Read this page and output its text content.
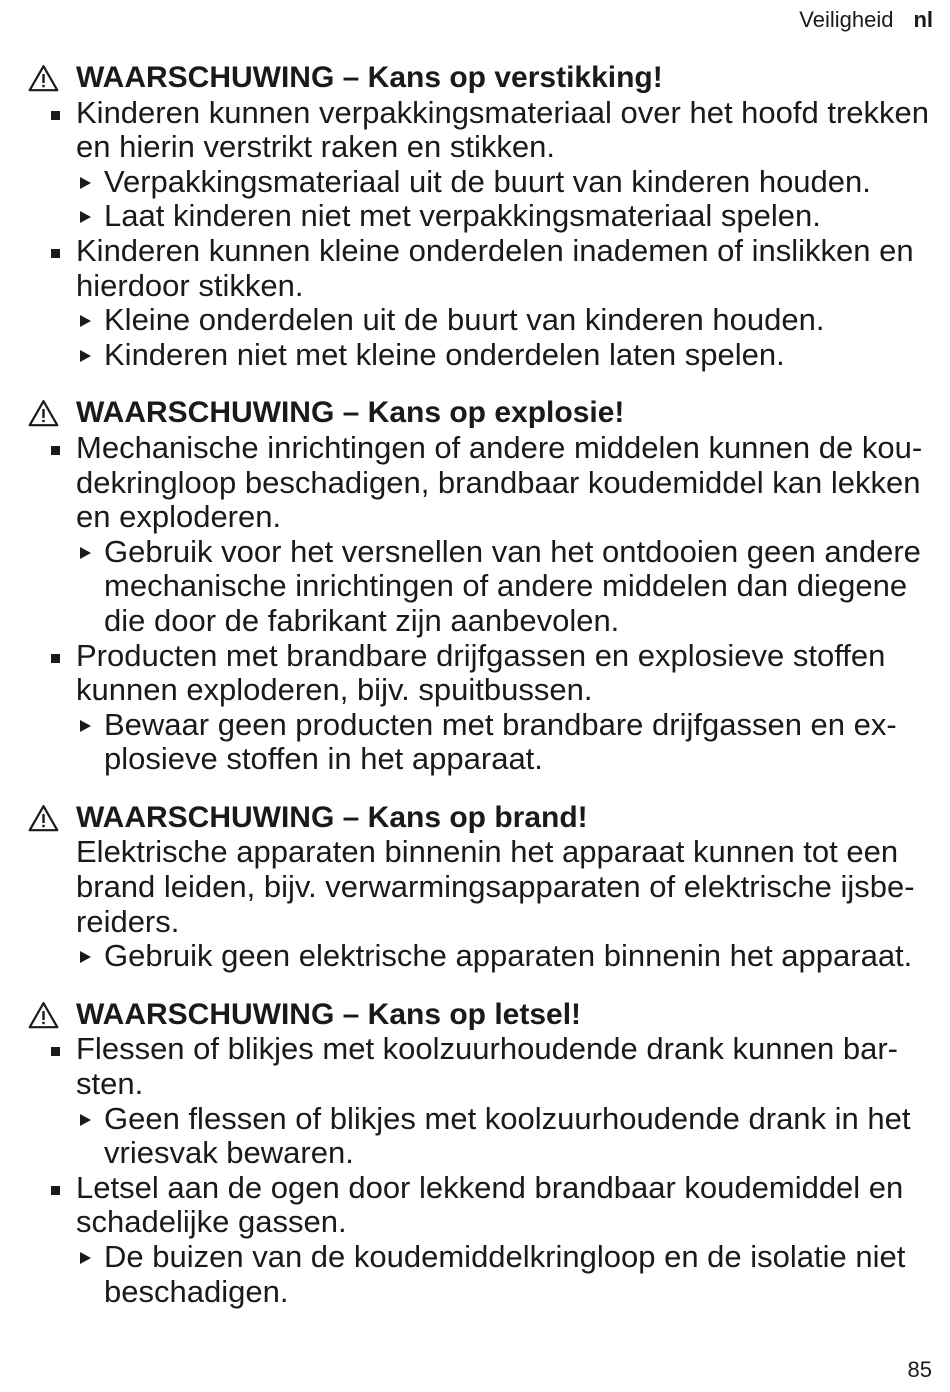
Veiligheid nl
WAARSCHUWING – Kans op verstikking!
Kinderen kunnen verpakkingsmateriaal over het hoofd trekken
en hierin verstrikt raken en stikken.
Verpakkingsmateriaal uit de buurt van kinderen houden.
Laat kinderen niet met verpakkingsmateriaal spelen.
Kinderen kunnen kleine onderdelen inademen of inslikken en
hierdoor stikken.
Kleine onderdelen uit de buurt van kinderen houden.
Kinderen niet met kleine onderdelen laten spelen.
WAARSCHUWING – Kans op explosie!
Mechanische inrichtingen of andere middelen kunnen de kou-
dekringloop beschadigen, brandbaar koudemiddel kan lekken
en exploderen.
Gebruik voor het versnellen van het ontdooien geen andere
mechanische inrichtingen of andere middelen dan diegene
die door de fabrikant zijn aanbevolen.
Producten met brandbare drijfgassen en explosieve stoffen
kunnen exploderen, bijv. spuitbussen.
Bewaar geen producten met brandbare drijfgassen en ex-
plosieve stoffen in het apparaat.
WAARSCHUWING – Kans op brand!
Elektrische apparaten binnenin het apparaat kunnen tot een
brand leiden, bijv. verwarmingsapparaten of elektrische ijsbe-
reiders.
Gebruik geen elektrische apparaten binnenin het apparaat.
WAARSCHUWING – Kans op letsel!
Flessen of blikjes met koolzuurhoudende drank kunnen bar-
sten.
Geen flessen of blikjes met koolzuurhoudende drank in het
vriesvak bewaren.
Letsel aan de ogen door lekkend brandbaar koudemiddel en
schadelijke gassen.
De buizen van de koudemiddelkringloop en de isolatie niet
beschadigen.
85
